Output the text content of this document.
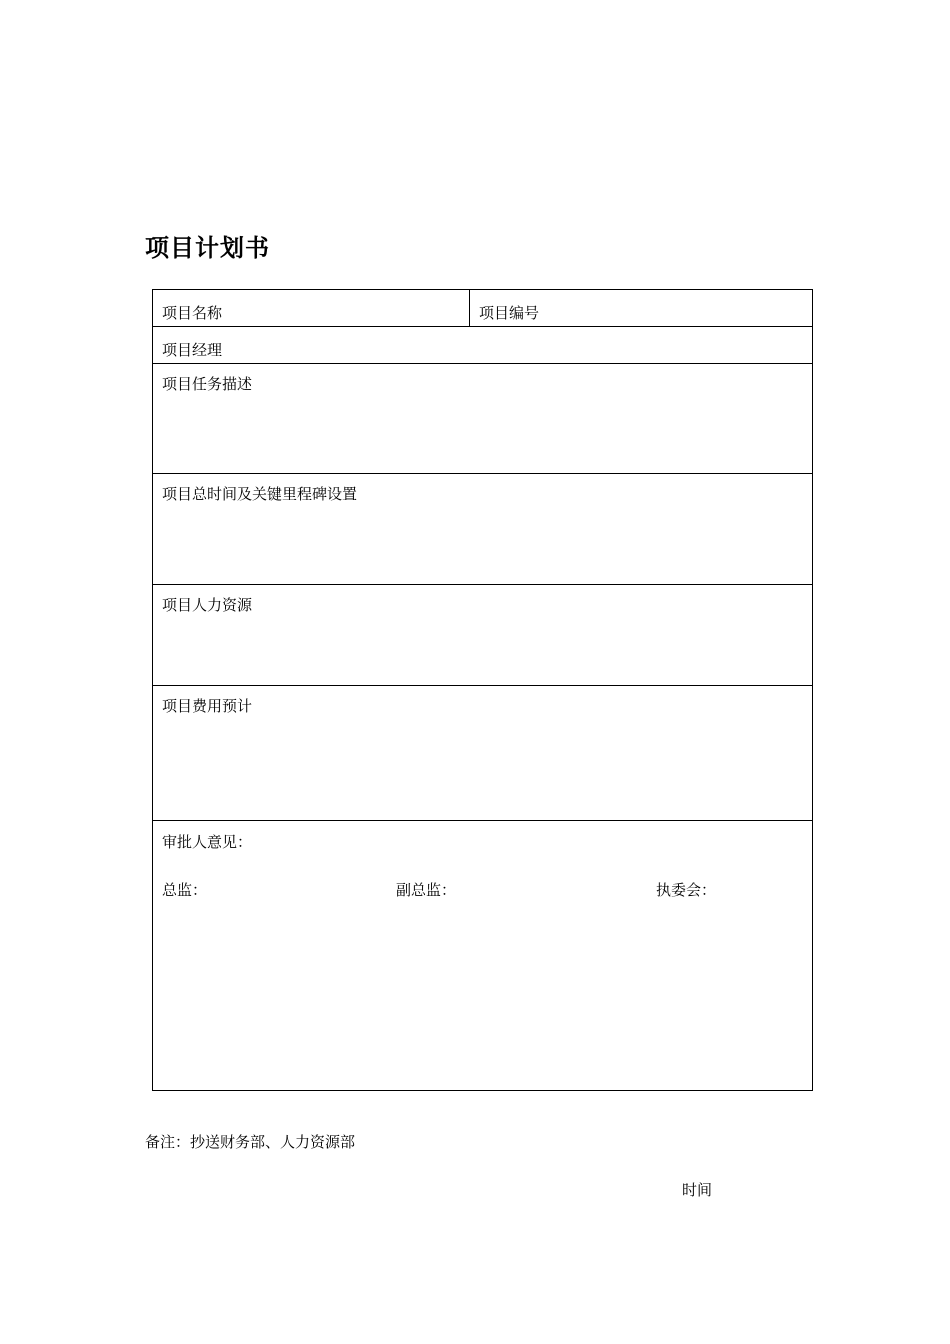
项目计划书
项目名称	项目编号
项目经理
项目任务描述
项目总时间及关键里程碑设置
项目人力资源
项目费用预计
审批人意见：
总监：	副总监：	执委会：
备注：抄送财务部、人力资源部
时间
